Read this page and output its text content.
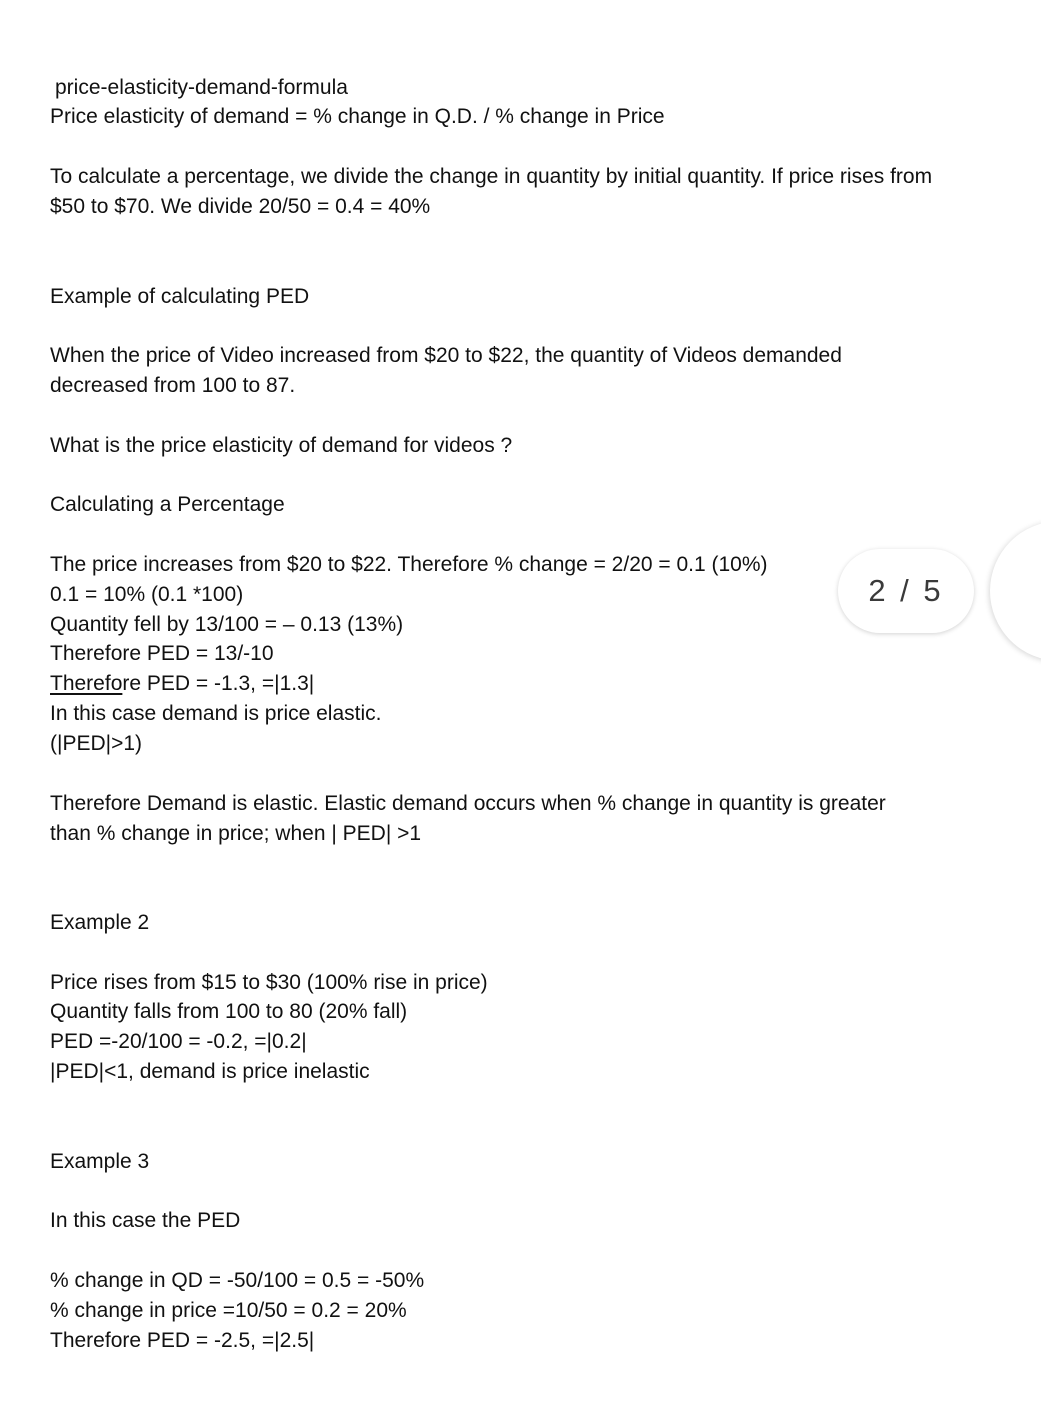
price-elasticity-demand-formula
Price elasticity of demand = % change in Q.D. / % change in Price
To calculate a percentage, we divide the change in quantity by initial quantity. If price rises from
$50 to $70. We divide 20/50 = 0.4 = 40%
Example of calculating PED
When the price of Video increased from $20 to $22, the quantity of Videos demanded
decreased from 100 to 87.
What is the price elasticity of demand for videos ?
Calculating a Percentage
The price increases from $20 to $22. Therefore % change = 2/20 = 0.1 (10%)
0.1 = 10% (0.1 *100)
Quantity fell by 13/100 = – 0.13 (13%)
Therefore PED = 13/-10
Therefore PED = -1.3, =|1.3|
In this case demand is price elastic.
(|PED|>1)
Therefore Demand is elastic. Elastic demand occurs when % change in quantity is greater
than % change in price; when | PED| >1
Example 2
Price rises from $15 to $30 (100% rise in price)
Quantity falls from 100 to 80 (20% fall)
PED =-20/100 = -0.2, =|0.2|
|PED|<1, demand is price inelastic
Example 3
In this case the PED
% change in QD = -50/100 = 0.5 = -50%
% change in price =10/50 = 0.2 = 20%
Therefore PED = -2.5, =|2.5|
2 / 5
